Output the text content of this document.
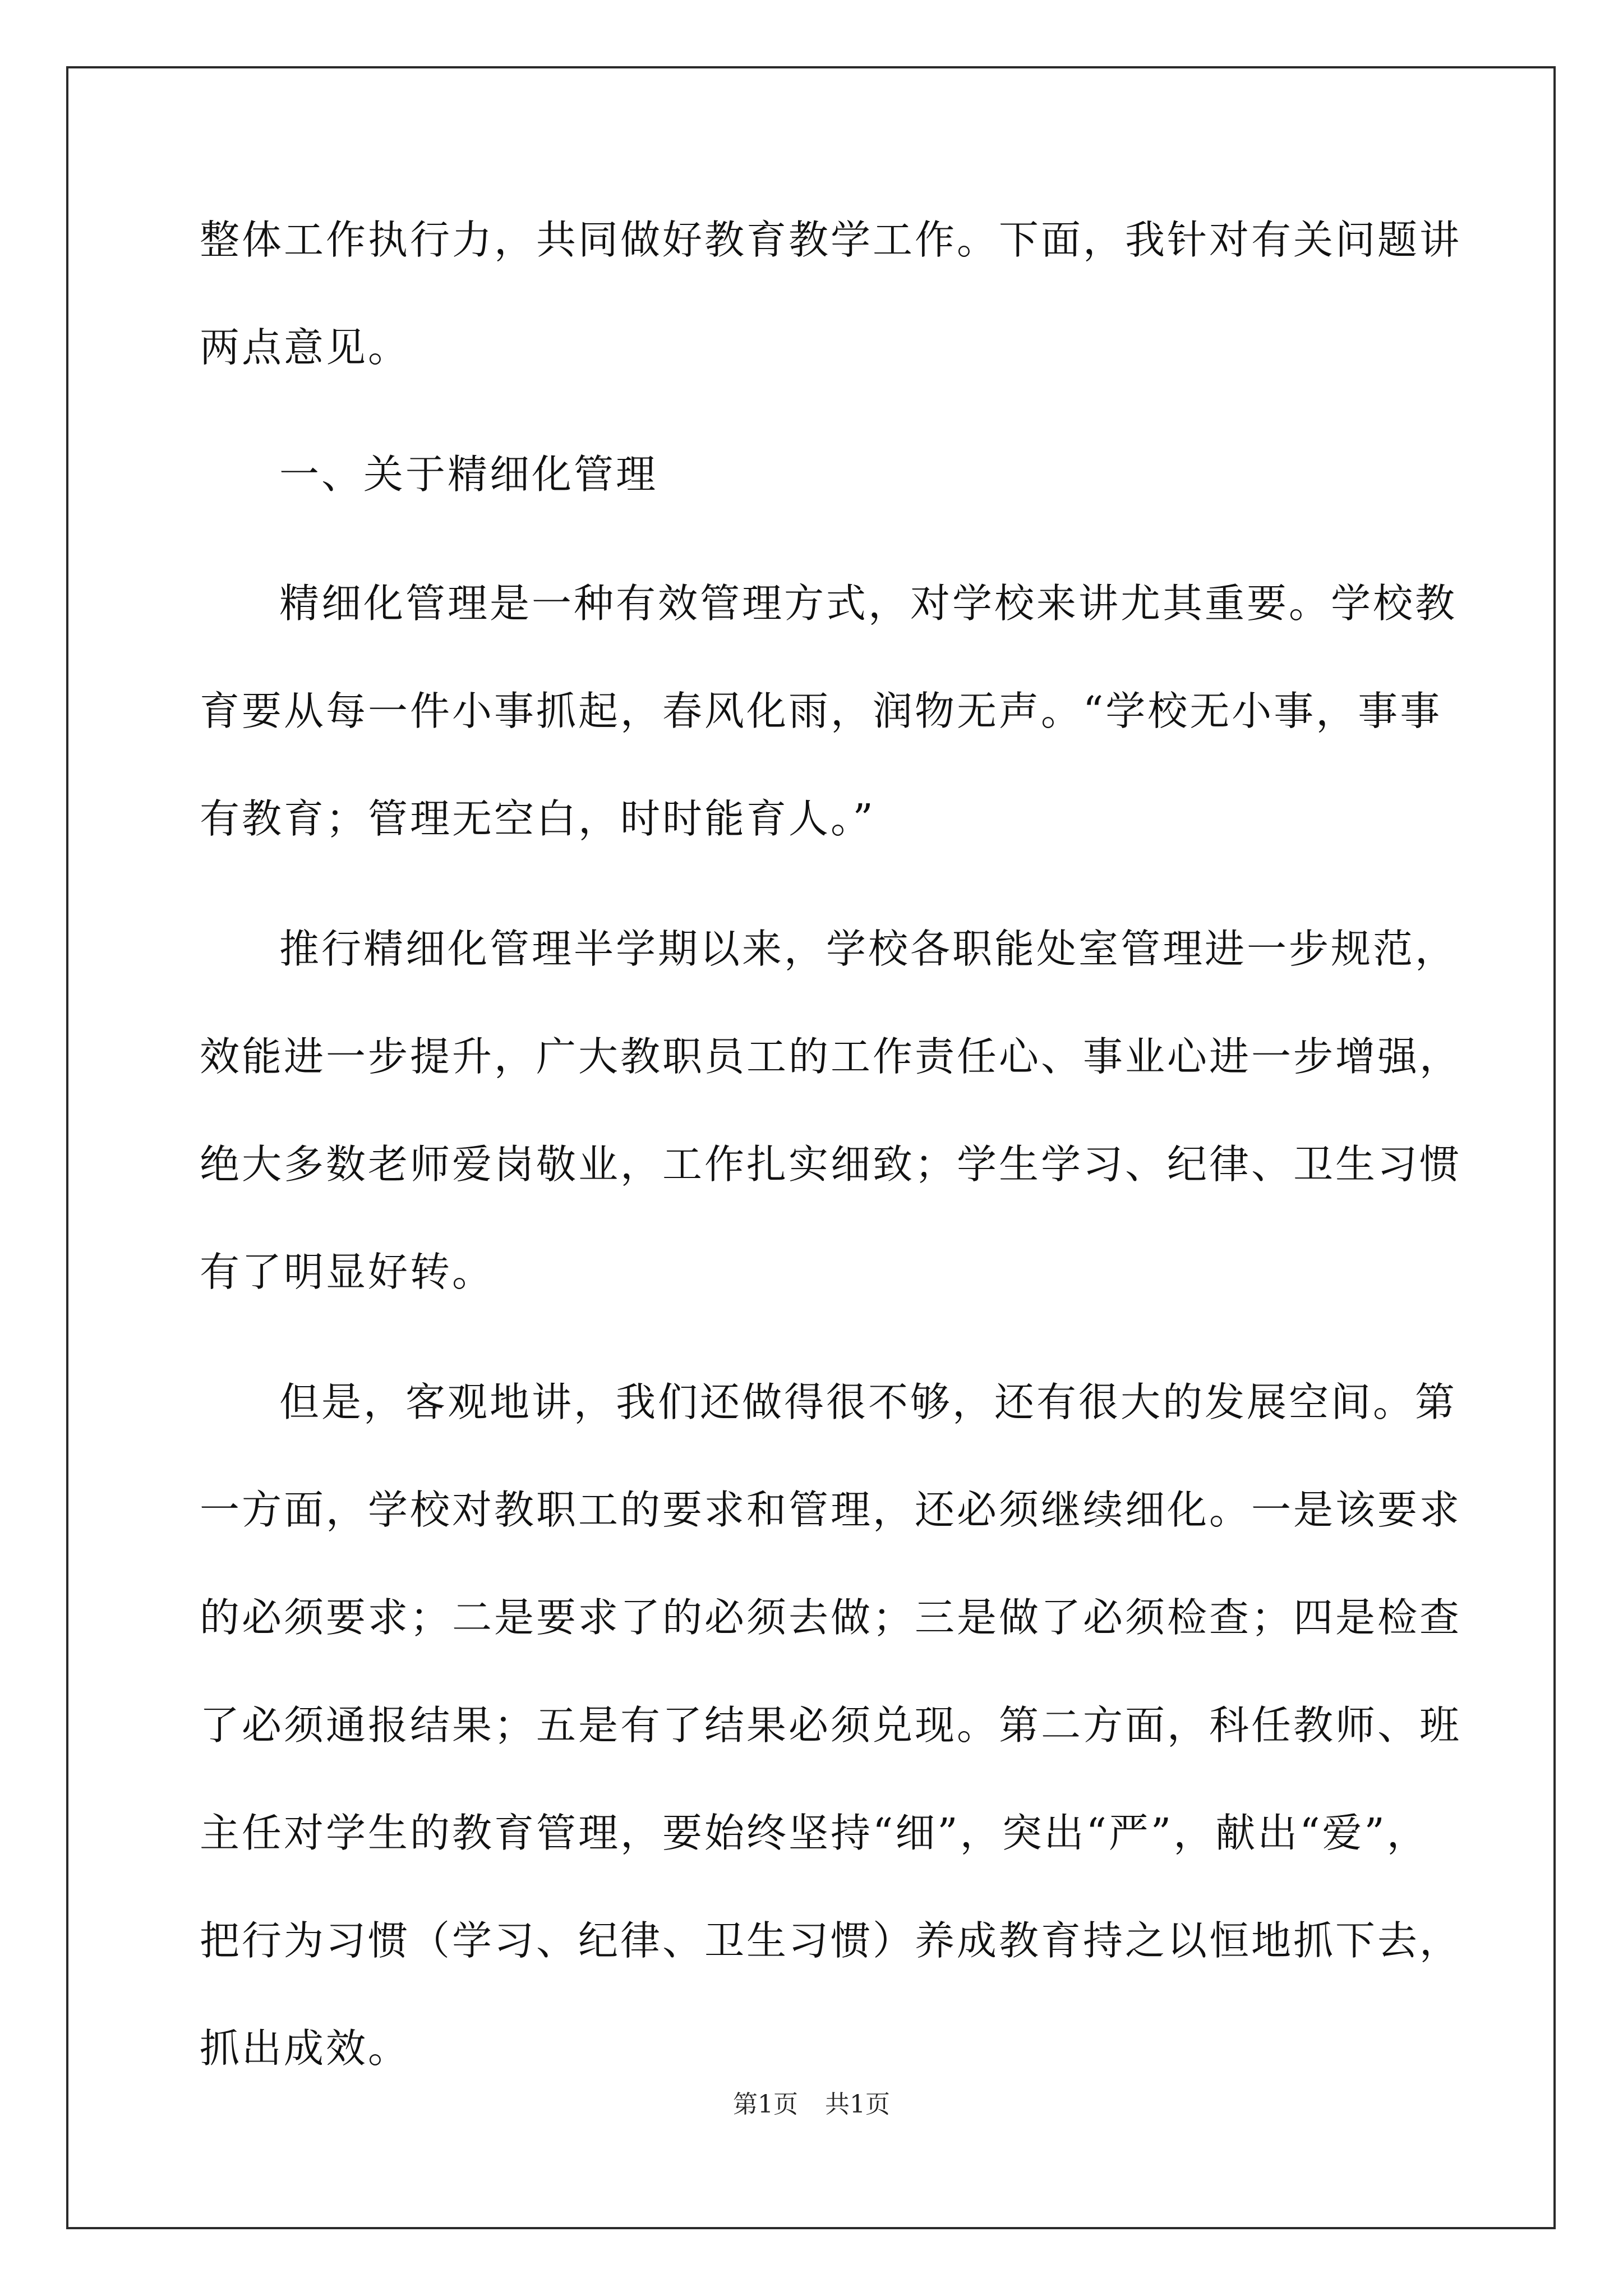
整体工作执行力，共同做好教育教学工作。下面，我针对有关问题讲
两点意见。
一、关于精细化管理
精细化管理是一种有效管理方式，对学校来讲尤其重要。学校教
育要从每一件小事抓起，春风化雨，润物无声。“学校无小事，事事
有教育；管理无空白，时时能育人。”
推行精细化管理半学期以来，学校各职能处室管理进一步规范，
效能进一步提升，广大教职员工的工作责任心、事业心进一步增强，
绝大多数老师爱岗敬业，工作扎实细致；学生学习、纪律、卫生习惯
有了明显好转。
但是，客观地讲，我们还做得很不够，还有很大的发展空间。第
一方面，学校对教职工的要求和管理，还必须继续细化。一是该要求
的必须要求；二是要求了的必须去做；三是做了必须检查；四是检查
了必须通报结果；五是有了结果必须兑现。第二方面，科任教师、班
主任对学生的教育管理，要始终坚持“细”，突出“严”，献出“爱”，
把行为习惯（学习、纪律、卫生习惯）养成教育持之以恒地抓下去，
抓出成效。
第1页 共1页
